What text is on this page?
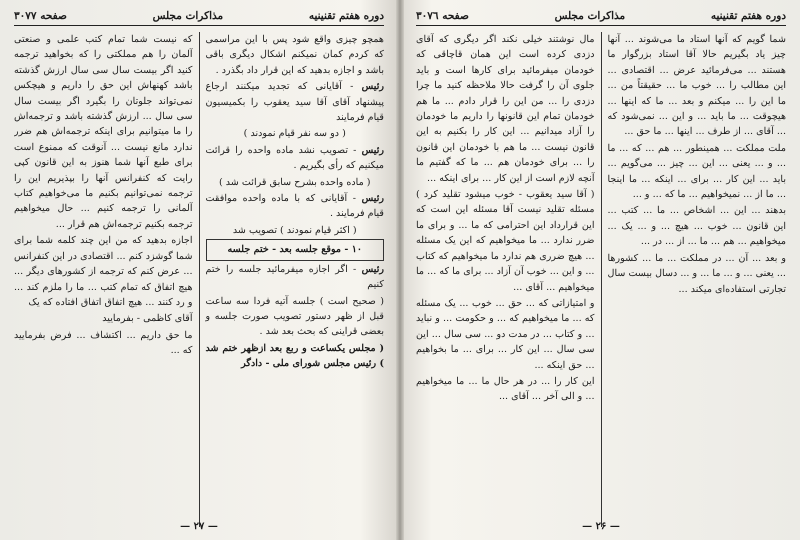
دوره هفتم تقنينيه
مذاکرات مجلس
صفحه ٣٠٧٧

همچو چیزی واقع شود پس با این مراسمی که کردم کمان نمیکنم اشکال دیگری باقی باشد و اجازه بدهید که این قرار داد بگذرد .

رئیس - آقایانی که تجدید میکنند ارجاع پیشنهاد آقای آقا سید یعقوب را بکمیسیون قیام فرمایند

( دو سه نفر قیام نمودند )

رئیس - تصویب نشد ماده واحده را قرائت میکنیم که رأی بگیریم .

( ماده واحده بشرح سابق قرائت شد )

رئیس - آقایانی که با ماده واحده موافقت قیام فرمایند .

( اکثر قیام نمودند ) تصویب شد

۱۰ - موقع جلسه بعد - ختم جلسه

رئیس - اگر اجازه میفرمائید جلسه را ختم کنیم

( صحیح است ) جلسه آتیه فردا سه ساعت قبل از ظهر دستور تصویب صورت جلسه و بعضی قراینی که بحث بعد شد .

( مجلس یکساعت و ربع بعد ازظهر ختم شد ) رئیس مجلس شورای ملی - دادگر

که نیست شما تمام کتب علمی و صنعتی آلمان را هم مملکتی را که بخواهید ترجمه کنید اگر بیست سال سی سال ارزش گذشته باشد کهنهاش این حق را داریم و هیچکس نمی‌تواند جلوتان را بگیرد اگر بیست سال سی سال ... ارزش گذشته باشد و ترجمه‌اش را ما میتوانیم برای اینکه ترجمه‌اش هم ضرر ندارد مانع نیست ... آنوقت که ممنوع است برای طبع آنها شما هنوز به این قانون کپی رایت که کنفرانس آنها را بپذیریم این را ترجمه نمی‌توانیم بکنیم ما می‌خواهیم کتاب آلمانی را ترجمه کنیم ... حال میخواهیم ترجمه بکنیم ترجمه‌اش هم قرار ...

اجازه بدهید که من این چند کلمه شما برای شما گوشزد کنم ... اقتصادی در این کنفرانس ... عرض کنم که ترجمه از کشورهای دیگر ... هیچ اتفاق که تمام کتب ... ما را ملزم کند ... و رد کنند ... هیچ اتفاق اتفاق افتاده که یک

آقای کاظمی - بفرمایید

ما حق داریم ... اکتشاف ... فرض بفرمایید که ...

— ۲۷ —
دوره هفتم تقنينيه
مذاکرات مجلس
صفحه ٣٠٧٦

شما گویم که آنها استاد ما می‌شوند ... آنها چیز یاد بگیریم حالا آقا استاد بزرگوار ما هستند ... می‌فرمائید عرض ... اقتصادی ... این مطالب را ... خوب ما ... حقیقتاً من ... ما این را ... میکنم و بعد ... ما که اینها ... هیچوقت ... ما باید ... و این ... نمی‌شود که ... آقای ... از طرف ... اینها ... ما حق ...

ملت مملکت ... همینطور ... هم ... که ... ما ... و ... یعنی ... این ... چیز ... می‌گویم ... باید ... این کار ... برای ... اینکه ... ما اینجا ... ما از ... نمیخواهیم ... ما که ... و ...

بدهند ... این ... اشخاص ... ما ... کتب ... این قانون ... خوب ... هیچ ... و ... یک ... میخواهیم ... هم ... ما ... از ... در ...

و بعد ... آن ... در مملکت ... ما ... کشورها ... یعنی ... و ... ما ... و ... دسال بیست سال تجارتی استفاده‌ای میکند ...

مال نوشتند خیلی نکند اگر دیگری که آقای دزدی کرده است این همان قاچاقی که خودمان میفرمائید برای کارها است و باید جلوی آن را گرفت حالا ملاحظه کنید ما چرا دزدی را ... من این را قرار دادم ... ما هم خودمان تمام این قانونها را داریم ما خودمان را آزاد میدانیم ... این کار را بکنیم به این قانون نیست ... ما هم با خودمان این قانون را ... برای خودمان هم ... ما که گفتیم ما آنچه لازم است از این کار ... برای اینکه ...

( آقا سید یعقوب - خوب میشود تقلید کرد ) مسئله تقلید نیست آقا مسئله این است که این قرارداد این احترامی که ما ... و برای ما ضرر ندارد ... ما میخواهیم که این یک مسئله ... هیچ ضرری هم ندارد ما میخواهیم که کتاب ... و این ... خوب آن آزاد ... برای ما که ... ما میخواهیم ... آقای ...

و امتیازاتی که ... حق ... خوب ... یک مسئله که ... ما میخواهیم که ... و حکومت ... و نباید ... و کتاب ... در مدت دو ... سی سال ... این سی سال ... این کار ... برای ... ما بخواهیم ... حق اینکه ...

این کار را ... در هر حال ما ... ما میخواهیم ... و الی آخر ... آقای ...

— ۲۶ —
